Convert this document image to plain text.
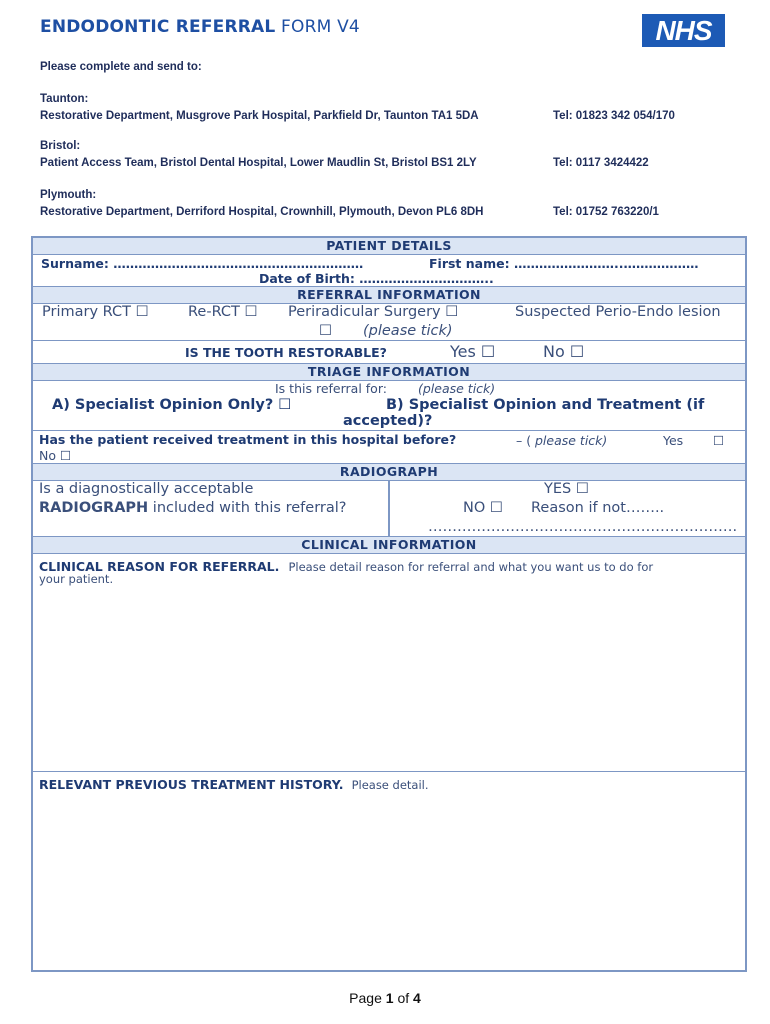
ENDODONTIC REFERRAL FORM V4	NHS
Please complete and send to:
Taunton:
Restorative Department, Musgrove Park Hospital, Parkfield Dr, Taunton TA1 5DA	Tel: 01823 342 054/170
Bristol:
Patient Access Team, Bristol Dental Hospital, Lower Maudlin St, Bristol BS1 2LY	Tel: 0117 3424422
Plymouth:
Restorative Department, Derriford Hospital, Crownhill, Plymouth, Devon PL6 8DH	Tel: 01752 763220/1
PATIENT DETAILS
Surname: ……………………………………………………	First name: ……………………..………………
Date of Birth: …………………………..
REFERRAL INFORMATION
Primary RCT ☐	Re-RCT ☐ Periradicular Surgery ☐	Suspected Perio-Endo lesion
☐ (please tick)
IS THE TOOTH RESTORABLE?	Yes ☐	No ☐
TRIAGE INFORMATION
Is this referral for: (please tick)
A) Specialist Opinion Only? ☐	B) Specialist Opinion and Treatment (if
accepted)?
Has the patient received treatment in this hospital before?	– ( please tick)	Yes ☐
No ☐
RADIOGRAPH
Is a diagnostically acceptable
RADIOGRAPH included with this referral?
YES ☐
NO ☐ Reason if not……..
……………………………………………………….
CLINICAL INFORMATION
CLINICAL REASON FOR REFERRAL. Please detail reason for referral and what you want us to do for
your patient.
RELEVANT PREVIOUS TREATMENT HISTORY. Please detail.
Page 1 of 4
